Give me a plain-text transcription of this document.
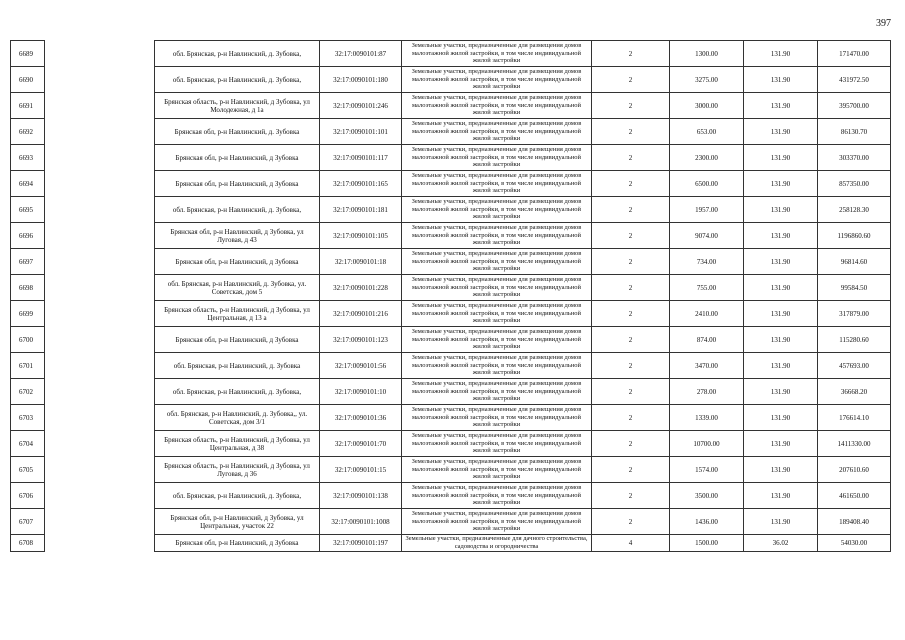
397
6689		обл. Брянская, р-н Навлинский, д. Зубовка,	32:17:0090101:87	Земельные участки, предназначенные для размещения домов малоэтажной жилой застройки, в том числе индивидуальной жилой застройки	2	1300.00	131.90	171470.00
6690		обл. Брянская, р-н Навлинский, д. Зубовка,	32:17:0090101:180	Земельные участки, предназначенные для размещения домов малоэтажной жилой застройки, в том числе индивидуальной жилой застройки	2	3275.00	131.90	431972.50
6691		Брянская область, р-н Навлинский, д Зубовка, ул Молодежная, д 1а	32:17:0090101:246	Земельные участки, предназначенные для размещения домов малоэтажной жилой застройки, в том числе индивидуальной жилой застройки	2	3000.00	131.90	395700.00
6692		Брянская обл, р-н Навлинский, д. Зубовка	32:17:0090101:101	Земельные участки, предназначенные для размещения домов малоэтажной жилой застройки, в том числе индивидуальной жилой застройки	2	653.00	131.90	86130.70
6693		Брянская обл, р-н Навлинский, д Зубовка	32:17:0090101:117	Земельные участки, предназначенные для размещения домов малоэтажной жилой застройки, в том числе индивидуальной жилой застройки	2	2300.00	131.90	303370.00
6694		Брянская обл, р-н Навлинский, д Зубовка	32:17:0090101:165	Земельные участки, предназначенные для размещения домов малоэтажной жилой застройки, в том числе индивидуальной жилой застройки	2	6500.00	131.90	857350.00
6695		обл. Брянская, р-н Навлинский, д. Зубовка,	32:17:0090101:181	Земельные участки, предназначенные для размещения домов малоэтажной жилой застройки, в том числе индивидуальной жилой застройки	2	1957.00	131.90	258128.30
6696		Брянская обл, р-н Навлинский, д Зубовка, ул Луговая, д 43	32:17:0090101:105	Земельные участки, предназначенные для размещения домов малоэтажной жилой застройки, в том числе индивидуальной жилой застройки	2	9074.00	131.90	1196860.60
6697		Брянская обл, р-н Навлинский, д Зубовка	32:17:0090101:18	Земельные участки, предназначенные для размещения домов малоэтажной жилой застройки, в том числе индивидуальной жилой застройки	2	734.00	131.90	96814.60
6698		обл. Брянская, р-н Навлинский, д. Зубовка, ул. Советская, дом 5	32:17:0090101:228	Земельные участки, предназначенные для размещения домов малоэтажной жилой застройки, в том числе индивидуальной жилой застройки	2	755.00	131.90	99584.50
6699		Брянская область, р-н Навлинский, д Зубовка, ул Центральная, д 13 а	32:17:0090101:216	Земельные участки, предназначенные для размещения домов малоэтажной жилой застройки, в том числе индивидуальной жилой застройки	2	2410.00	131.90	317879.00
6700		Брянская обл, р-н Навлинский, д Зубовка	32:17:0090101:123	Земельные участки, предназначенные для размещения домов малоэтажной жилой застройки, в том числе индивидуальной жилой застройки	2	874.00	131.90	115280.60
6701		обл. Брянская, р-н Навлинский, д. Зубовка	32:17:0090101:56	Земельные участки, предназначенные для размещения домов малоэтажной жилой застройки, в том числе индивидуальной жилой застройки	2	3470.00	131.90	457693.00
6702		обл. Брянская, р-н Навлинский, д. Зубовка,	32:17:0090101:10	Земельные участки, предназначенные для размещения домов малоэтажной жилой застройки, в том числе индивидуальной жилой застройки	2	278.00	131.90	36668.20
6703		обл. Брянская, р-н Навлинский, д. Зубовка,, ул. Советская, дом 3/1	32:17:0090101:36	Земельные участки, предназначенные для размещения домов малоэтажной жилой застройки, в том числе индивидуальной жилой застройки	2	1339.00	131.90	176614.10
6704		Брянская область, р-н Навлинский, д Зубовка, ул Центральная, д 38	32:17:0090101:70	Земельные участки, предназначенные для размещения домов малоэтажной жилой застройки, в том числе индивидуальной жилой застройки	2	10700.00	131.90	1411330.00
6705		Брянская область, р-н Навлинский, д Зубовка, ул Луговая, д 36	32:17:0090101:15	Земельные участки, предназначенные для размещения домов малоэтажной жилой застройки, в том числе индивидуальной жилой застройки	2	1574.00	131.90	207610.60
6706		обл. Брянская, р-н Навлинский, д. Зубовка,	32:17:0090101:138	Земельные участки, предназначенные для размещения домов малоэтажной жилой застройки, в том числе индивидуальной жилой застройки	2	3500.00	131.90	461650.00
6707		Брянская обл, р-н Навлинский, д Зубовка, ул Центральная, участок 22	32:17:0090101:1008	Земельные участки, предназначенные для размещения домов малоэтажной жилой застройки, в том числе индивидуальной жилой застройки	2	1436.00	131.90	189408.40
6708		Брянская обл, р-н Навлинский, д Зубовка	32:17:0090101:197	Земельные участки, предназначенные для дачного строительства, садоводства и огородничества	4	1500.00	36.02	54030.00
